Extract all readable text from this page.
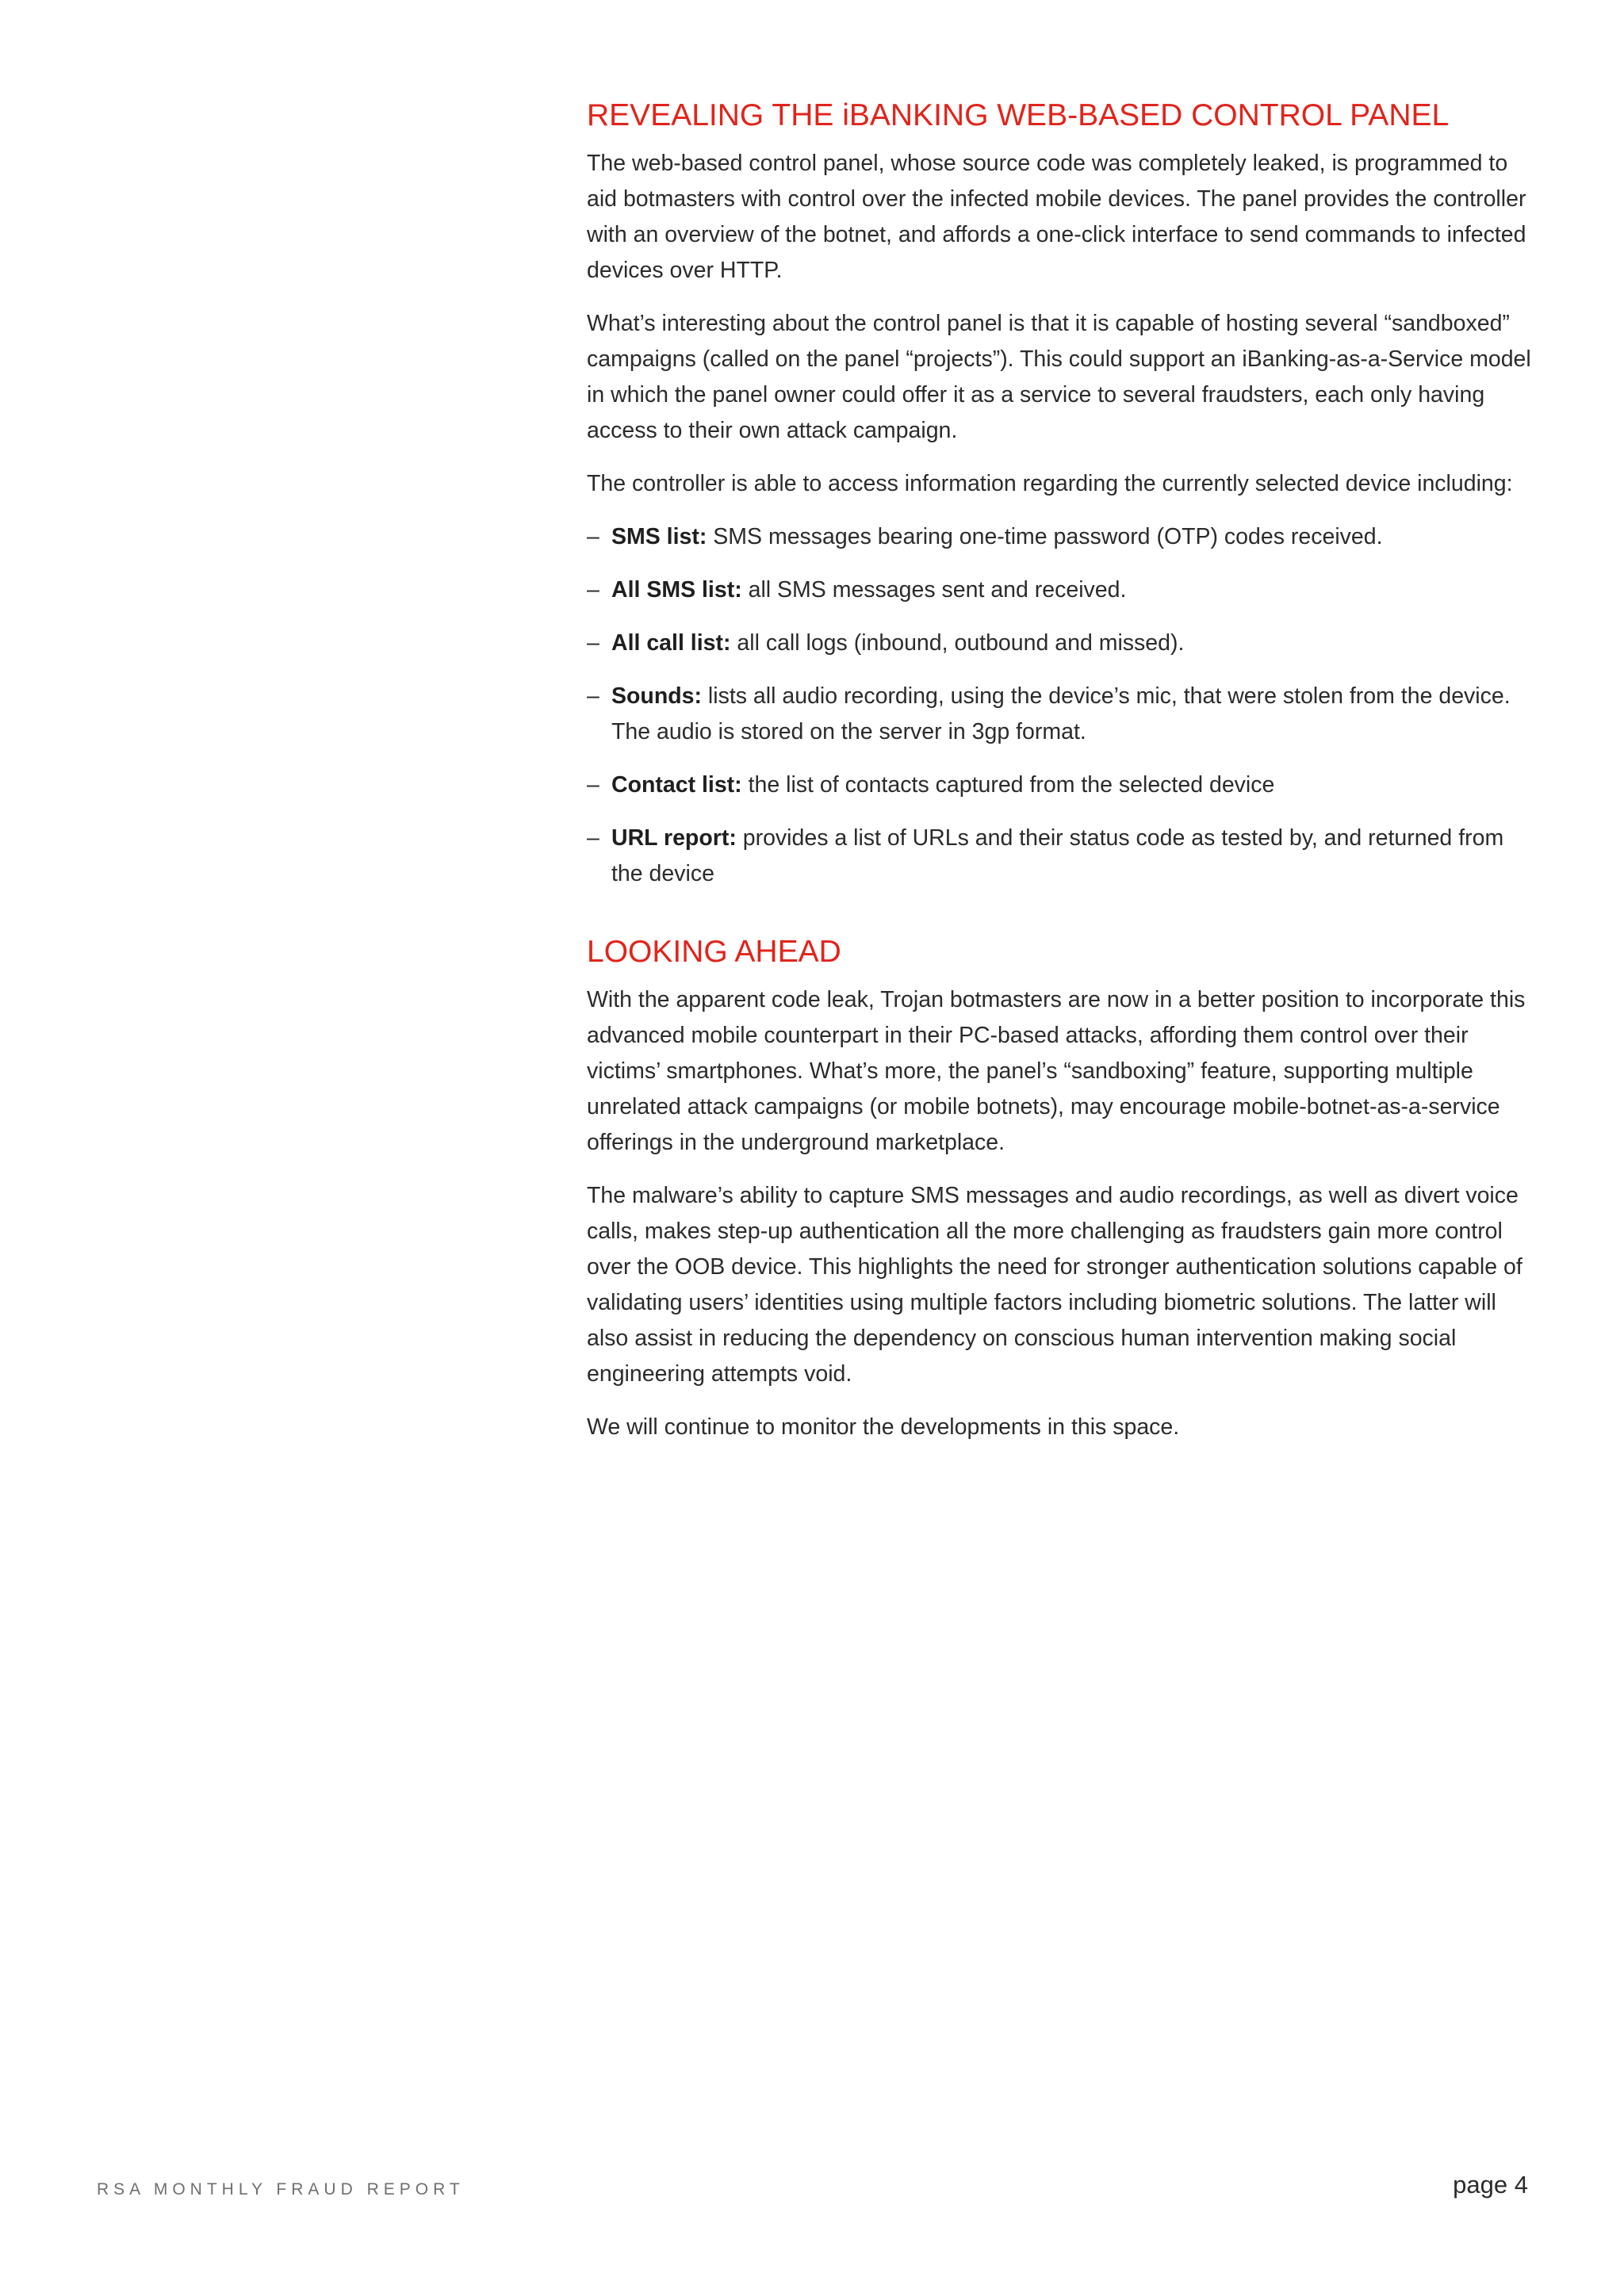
REVEALING THE iBANKING WEB-BASED CONTROL PANEL

The web-based control panel, whose source code was completely leaked, is programmed to aid botmasters with control over the infected mobile devices. The panel provides the controller with an overview of the botnet, and affords a one-click interface to send commands to infected devices over HTTP.

What’s interesting about the control panel is that it is capable of hosting several “sandboxed” campaigns (called on the panel “projects”). This could support an iBanking-as-a-Service model in which the panel owner could offer it as a service to several fraudsters, each only having access to their own attack campaign.

The controller is able to access information regarding the currently selected device including:

– SMS list: SMS messages bearing one-time password (OTP) codes received.
– All SMS list: all SMS messages sent and received.
– All call list: all call logs (inbound, outbound and missed).
– Sounds: lists all audio recording, using the device’s mic, that were stolen from the device. The audio is stored on the server in 3gp format.
– Contact list: the list of contacts captured from the selected device
– URL report: provides a list of URLs and their status code as tested by, and returned from the device
LOOKING AHEAD

With the apparent code leak, Trojan botmasters are now in a better position to incorporate this advanced mobile counterpart in their PC-based attacks, affording them control over their victims’ smartphones. What’s more, the panel’s “sandboxing” feature, supporting multiple unrelated attack campaigns (or mobile botnets), may encourage mobile-botnet-as-a-service offerings in the underground marketplace.

The malware’s ability to capture SMS messages and audio recordings, as well as divert voice calls, makes step-up authentication all the more challenging as fraudsters gain more control over the OOB device. This highlights the need for stronger authentication solutions capable of validating users’ identities using multiple factors including biometric solutions. The latter will also assist in reducing the dependency on conscious human intervention making social engineering attempts void.

We will continue to monitor the developments in this space.

RSA MONTHLY FRAUD REPORT	page 4
